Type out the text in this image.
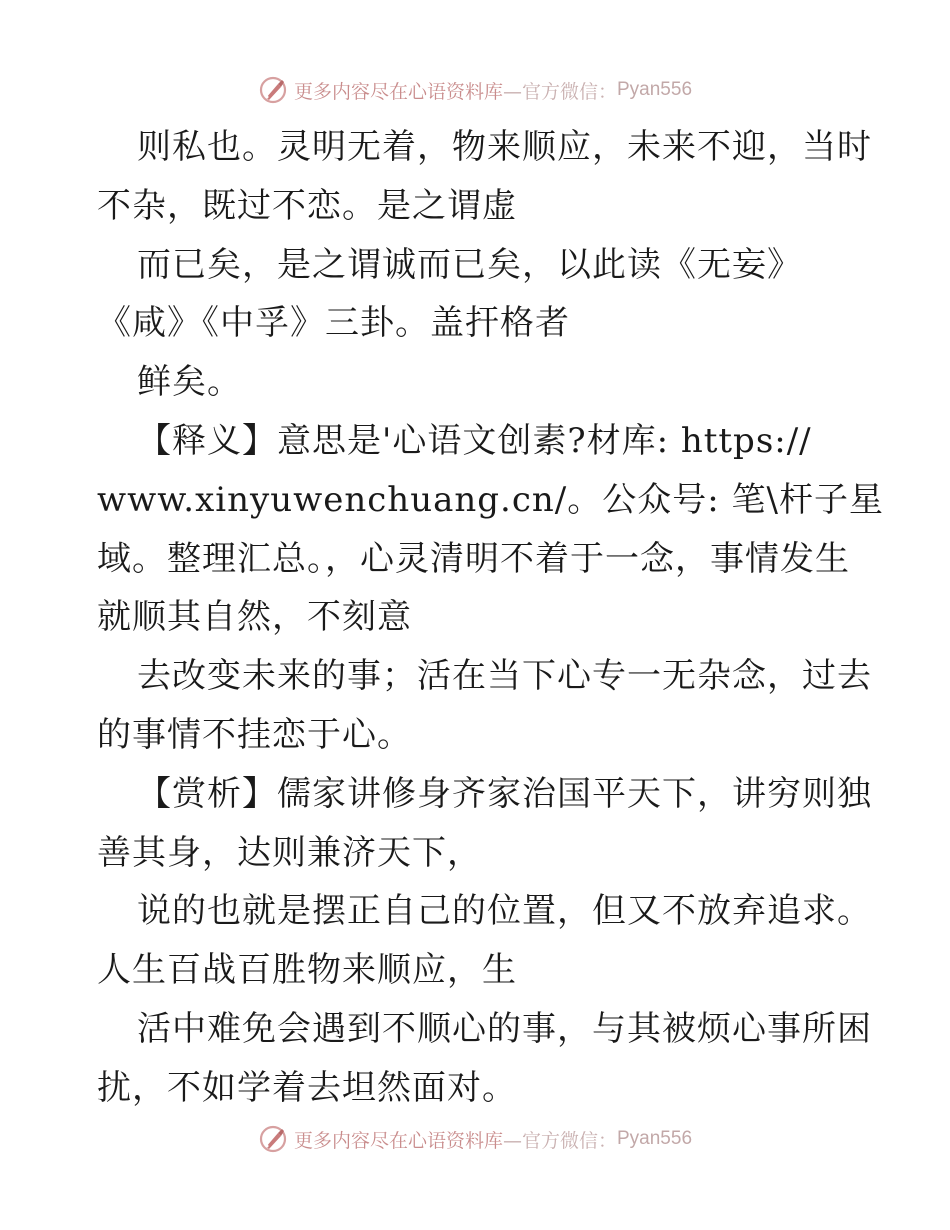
更多内容尽在心语资料库 —官方微信： Pyan556
则私也。灵明无着，物来顺应，未来不迎，当时
不杂，既过不恋。是之谓虚
而已矣，是之谓诚而已矣，以此读《无妄》
《咸》《中孚》三卦。盖扞格者
鲜矣。
【释义】意思是'心语文创素?材库: https://
www.xinyuwenchuang.cn/。公众号: 笔\杆子星
域。整理汇总。，心灵清明不着于一念，事情发生
就顺其自然，不刻意
去改变未来的事；活在当下心专一无杂念，过去
的事情不挂恋于心。
【赏析】儒家讲修身齐家治国平天下，讲穷则独
善其身，达则兼济天下，
说的也就是摆正自己的位置，但又不放弃追求。
人生百战百胜物来顺应，生
活中难免会遇到不顺心的事，与其被烦心事所困
扰，不如学着去坦然面对。
更多内容尽在心语资料库 —官方微信： Pyan556
